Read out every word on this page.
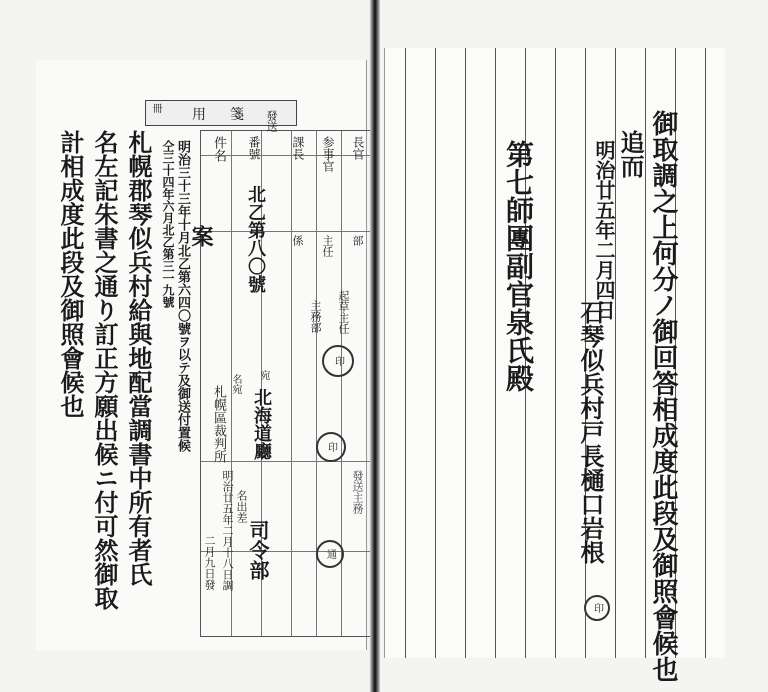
冊 用箋
長官
参事官
課長
發送
番號
件名
部
主任
係
起草主任
主務部
北乙第八〇號
印
印
通
發送主務
宛
北海道廳
名宛
札幌區裁判所
名出差
司令部
明治廿五年二月十八日調
二月九日發
明治三十三年十月北乙第六四〇號ヲ以テ及御送付置候
仝三十四年六月北乙第三一九號 案
札幌郡琴似兵村給與地配當調書中所有者氏
名左記朱書之通り訂正方願出候ニ付可然御取
計相成度此段及御照會候也	御取調之上何分ノ御回答相成度此段及御照會候也
追而
明治廿五年二月四日
第七師團副官泉氏殿
石琴似兵村戸長樋口岩根
印
